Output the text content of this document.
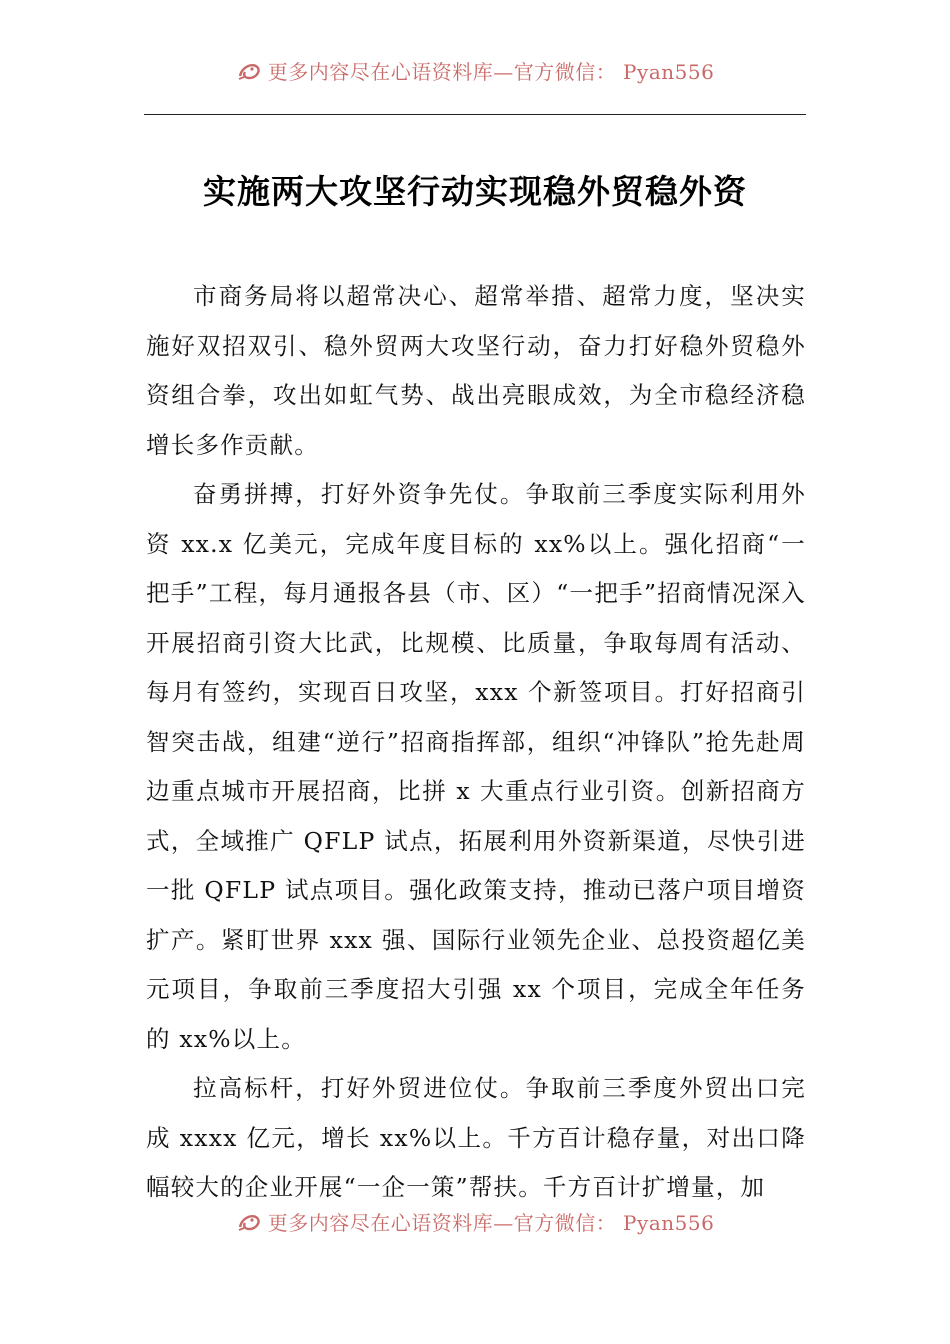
更多内容尽在心语资料库—官方微信： Pyan556
实施两大攻坚行动实现稳外贸稳外资

市商务局将以超常决心、超常举措、超常力度，坚决实施好双招双引、稳外贸两大攻坚行动，奋力打好稳外贸稳外资组合拳，攻出如虹气势、战出亮眼成效，为全市稳经济稳增长多作贡献。

奋勇拼搏，打好外资争先仗。争取前三季度实际利用外资 xx.x 亿美元，完成年度目标的 xx%以上。强化招商“一把手”工程，每月通报各县（市、区）“一把手”招商情况深入开展招商引资大比武，比规模、比质量，争取每周有活动、每月有签约，实现百日攻坚，xxx 个新签项目。打好招商引智突击战，组建“逆行”招商指挥部，组织“冲锋队”抢先赴周边重点城市开展招商，比拼 x 大重点行业引资。创新招商方式，全域推广 QFLP 试点，拓展利用外资新渠道，尽快引进一批 QFLP 试点项目。强化政策支持，推动已落户项目增资扩产。紧盯世界 xxx 强、国际行业领先企业、总投资超亿美元项目，争取前三季度招大引强 xx 个项目，完成全年任务的 xx%以上。

拉高标杆，打好外贸进位仗。争取前三季度外贸出口完成 xxxx 亿元，增长 xx%以上。千方百计稳存量，对出口降幅较大的企业开展“一企一策”帮扶。千方百计扩增量，加

更多内容尽在心语资料库—官方微信： Pyan556
